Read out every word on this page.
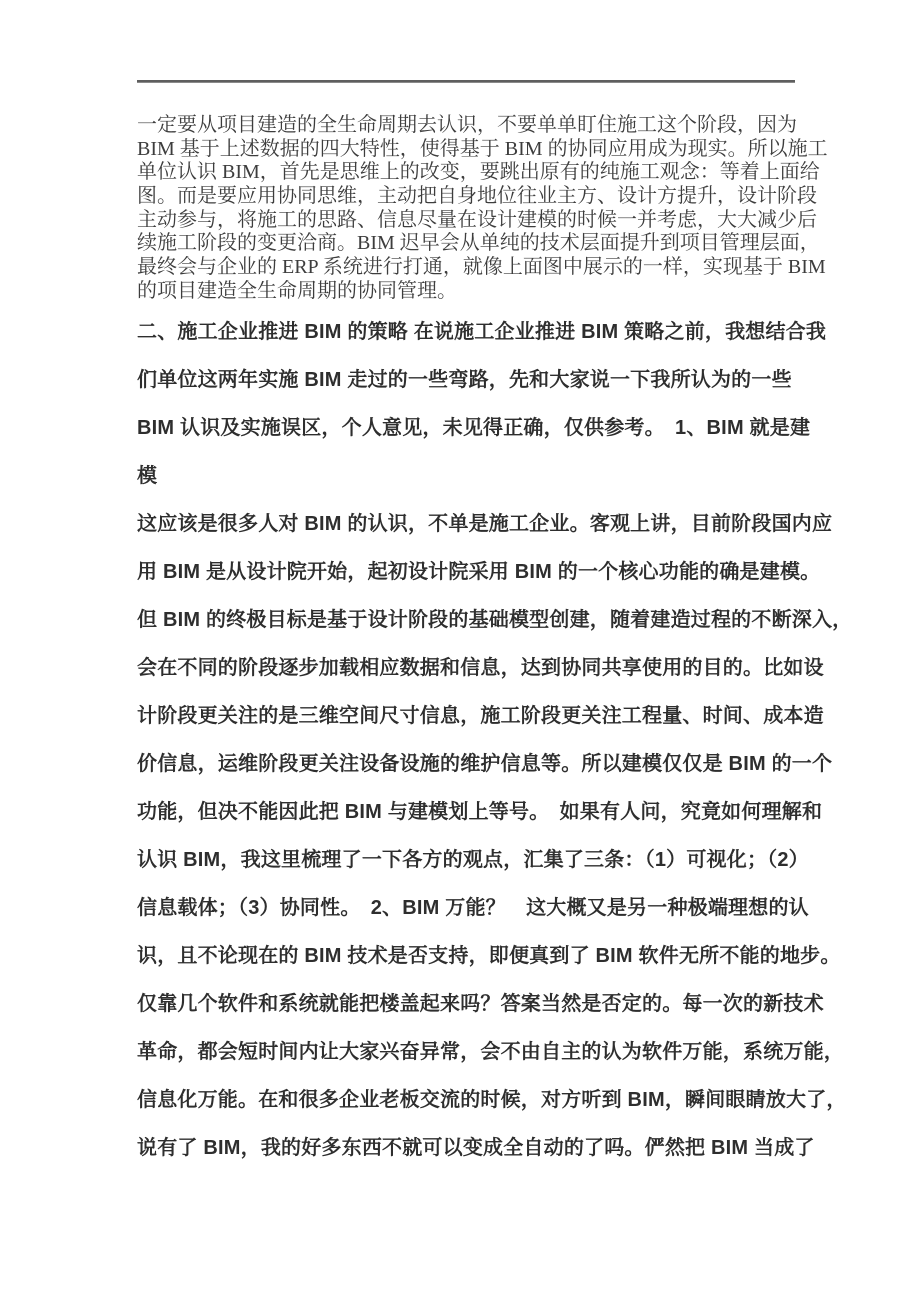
一定要从项目建造的全生命周期去认识，不要单单盯住施工这个阶段，因为
BIM 基于上述数据的四大特性，使得基于 BIM 的协同应用成为现实。所以施工
单位认识 BIM，首先是思维上的改变，要跳出原有的纯施工观念：等着上面给
图。而是要应用协同思维，主动把自身地位往业主方、设计方提升，设计阶段
主动参与，将施工的思路、信息尽量在设计建模的时候一并考虑，大大减少后
续施工阶段的变更洽商。BIM 迟早会从单纯的技术层面提升到项目管理层面，
最终会与企业的 ERP 系统进行打通，就像上面图中展示的一样，实现基于 BIM
的项目建造全生命周期的协同管理。
二、施工企业推进 BIM 的策略 在说施工企业推进 BIM 策略之前，我想结合我
们单位这两年实施 BIM 走过的一些弯路，先和大家说一下我所认为的一些
BIM 认识及实施误区，个人意见，未见得正确，仅供参考。　1、BIM 就是建
模
这应该是很多人对 BIM 的认识，不单是施工企业。客观上讲，目前阶段国内应
用 BIM 是从设计院开始，起初设计院采用 BIM 的一个核心功能的确是建模。
但 BIM 的终极目标是基于设计阶段的基础模型创建，随着建造过程的不断深入，
会在不同的阶段逐步加载相应数据和信息，达到协同共享使用的目的。比如设
计阶段更关注的是三维空间尺寸信息，施工阶段更关注工程量、时间、成本造
价信息，运维阶段更关注设备设施的维护信息等。所以建模仅仅是 BIM 的一个
功能，但决不能因此把 BIM 与建模划上等号。　如果有人问，究竟如何理解和
认识 BIM，我这里梳理了一下各方的观点，汇集了三条：（1）可视化；（2）
信息载体；（3）协同性。　2、BIM 万能？　这大概又是另一种极端理想的认
识，且不论现在的 BIM 技术是否支持，即便真到了 BIM 软件无所不能的地步。
仅靠几个软件和系统就能把楼盖起来吗？答案当然是否定的。每一次的新技术
革命，都会短时间内让大家兴奋异常，会不由自主的认为软件万能，系统万能，
信息化万能。在和很多企业老板交流的时候，对方听到 BIM，瞬间眼睛放大了，
说有了 BIM，我的好多东西不就可以变成全自动的了吗。俨然把 BIM 当成了
